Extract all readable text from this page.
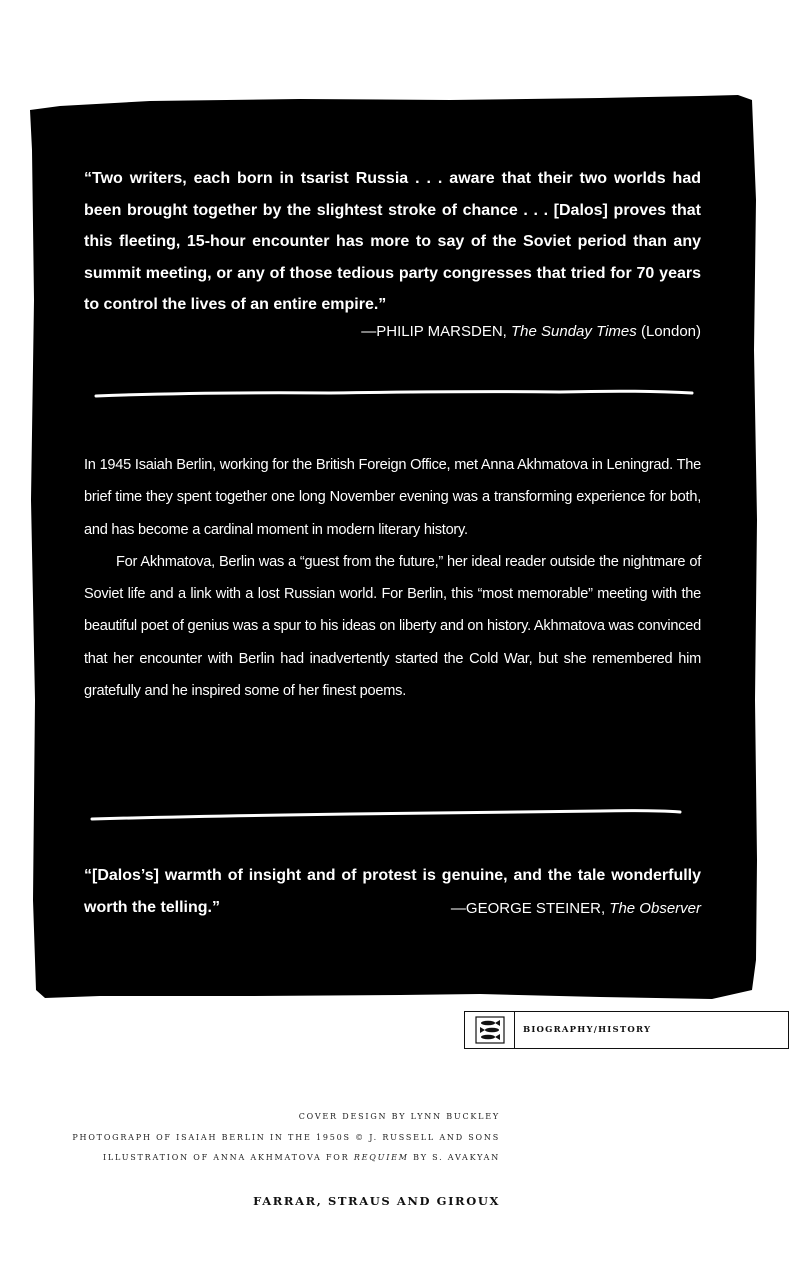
“Two writers, each born in tsarist Russia . . . aware that their two worlds had been brought together by the slightest stroke of chance . . . [Dalos] proves that this fleeting, 15-hour encounter has more to say of the Soviet period than any summit meeting, or any of those tedious party congresses that tried for 70 years to control the lives of an entire empire.”
—PHILIP MARSDEN, The Sunday Times (London)

In 1945 Isaiah Berlin, working for the British Foreign Office, met Anna Akhmatova in Leningrad. The brief time they spent together one long November evening was a transforming experience for both, and has become a cardinal moment in modern literary history.

For Akhmatova, Berlin was a “guest from the future,” her ideal reader outside the nightmare of Soviet life and a link with a lost Russian world. For Berlin, this “most memorable” meeting with the beautiful poet of genius was a spur to his ideas on liberty and on history. Akhmatova was convinced that her encounter with Berlin had inadvertently started the Cold War, but she remembered him gratefully and he inspired some of her finest poems.

“[Dalos’s] warmth of insight and of protest is genuine, and the tale wonderfully worth the telling.”	—GEORGE STEINER, The Observer
BIOGRAPHY/HISTORY
COVER DESIGN BY LYNN BUCKLEY
PHOTOGRAPH OF ISAIAH BERLIN IN THE 1950S © J. RUSSELL AND SONS
ILLUSTRATION OF ANNA AKHMATOVA FOR REQUIEM BY S. AVAKYAN
FARRAR, STRAUS AND GIROUX
